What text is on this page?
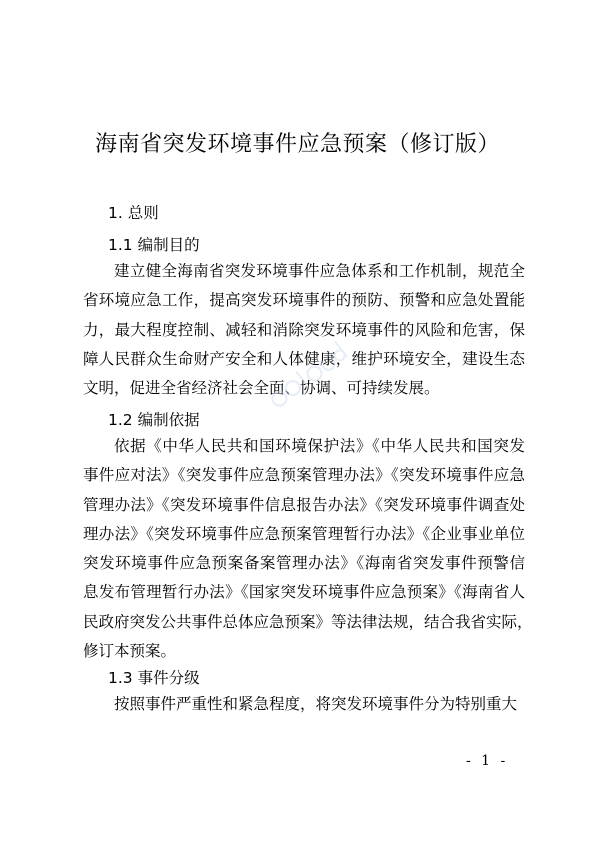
海南省突发环境事件应急预案（修订版）
1. 总则
1.1 编制目的
建立健全海南省突发环境事件应急体系和工作机制，规范全
省环境应急工作，提高突发环境事件的预防、预警和应急处置能
力，最大程度控制、减轻和消除突发环境事件的风险和危害，保
障人民群众生命财产安全和人体健康，维护环境安全，建设生态
文明，促进全省经济社会全面、协调、可持续发展。
1.2 编制依据
依据《中华人民共和国环境保护法》《中华人民共和国突发
事件应对法》《突发事件应急预案管理办法》《突发环境事件应急
管理办法》《突发环境事件信息报告办法》《突发环境事件调查处
理办法》《突发环境事件应急预案管理暂行办法》《企业事业单位
突发环境事件应急预案备案管理办法》《海南省突发事件预警信
息发布管理暂行办法》《国家突发环境事件应急预案》《海南省人
民政府突发公共事件总体应急预案》等法律法规，结合我省实际，
修订本预案。
1.3 事件分级
按照事件严重性和紧急程度，将突发环境事件分为特别重大
- 1 -
